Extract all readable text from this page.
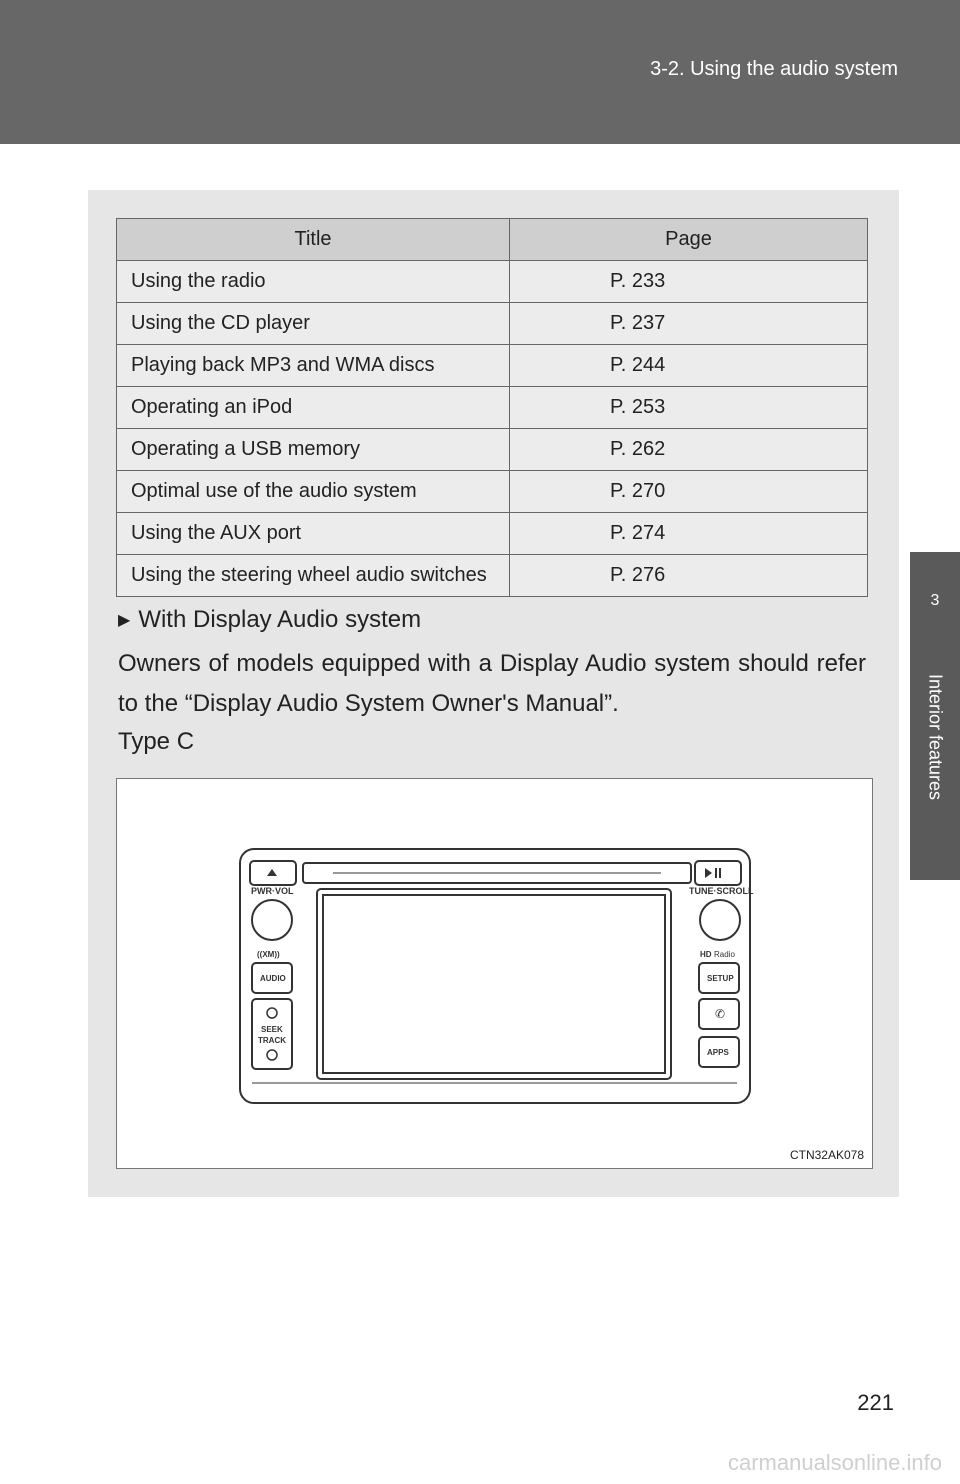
3-2. Using the audio system
3
Interior features
Title	Page
Using the radio	P. 233
Using the CD player	P. 237
Playing back MP3 and WMA discs	P. 244
Operating an iPod	P. 253
Operating a USB memory	P. 262
Optimal use of the audio system	P. 270
Using the AUX port	P. 274
Using the steering wheel audio switches	P. 276
▶ With Display Audio system
Owners of models equipped with a Display Audio system should refer to the “Display Audio System Owner's Manual”.
Type C
PWR·VOL	TUNE·SCROLL
((XM))	HD Radio
AUDIO
SEEK
TRACK
SETUP
APPS
✆
CTN32AK078
221
carmanualsonline.info
